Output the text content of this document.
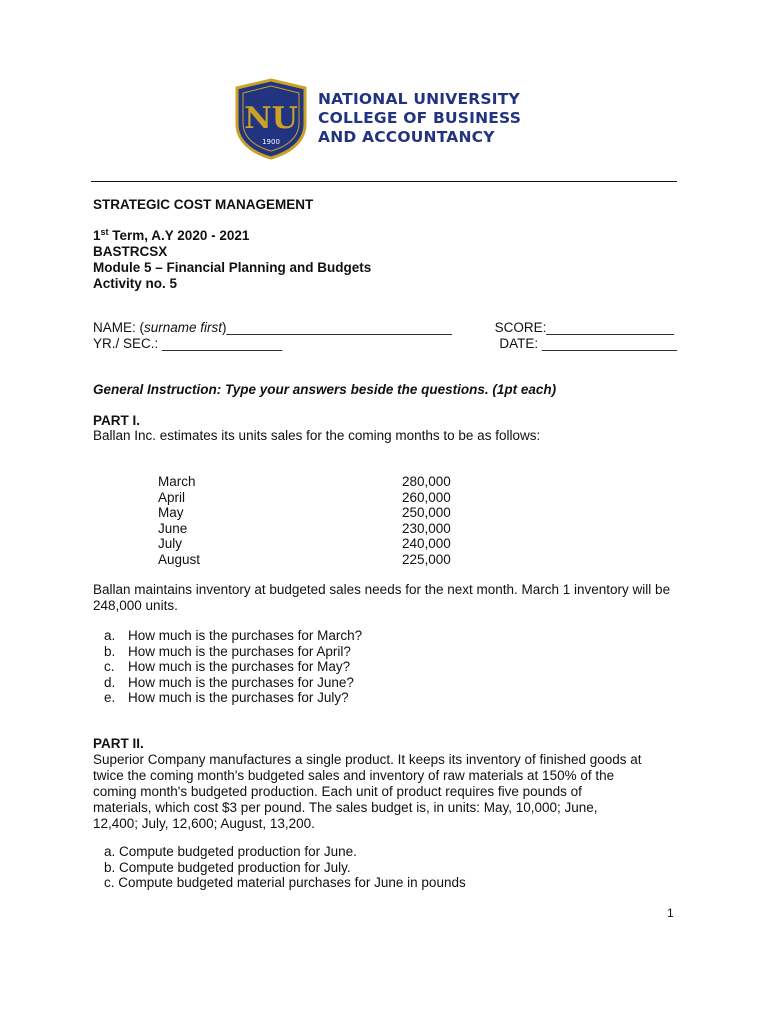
NU
1900
NATIONAL UNIVERSITY
COLLEGE OF BUSINESS
AND ACCOUNTANCY
STRATEGIC COST MANAGEMENT
1st Term, A.Y 2020 - 2021
BASTRCSX
Module 5 – Financial Planning and Budgets
Activity no. 5
NAME: (surname first)______________________________	SCORE:_________________
YR./ SEC.: ________________	DATE: __________________
General Instruction: Type your answers beside the questions. (1pt each)
PART I.
Ballan Inc. estimates its units sales for the coming months to be as follows:
March	280,000
April	260,000
May	250,000
June	230,000
July	240,000
August	225,000
Ballan maintains inventory at budgeted sales needs for the next month. March 1 inventory will be 248,000 units.
a. How much is the purchases for March?
b. How much is the purchases for April?
c. How much is the purchases for May?
d. How much is the purchases for June?
e. How much is the purchases for July?
PART II.
Superior Company manufactures a single product. It keeps its inventory of finished goods at
twice the coming month's budgeted sales and inventory of raw materials at 150% of the
coming month's budgeted production. Each unit of product requires five pounds of
materials, which cost $3 per pound. The sales budget is, in units: May, 10,000; June,
12,400; July, 12,600; August, 13,200.
a. Compute budgeted production for June.
b. Compute budgeted production for July.
c. Compute budgeted material purchases for June in pounds
1
